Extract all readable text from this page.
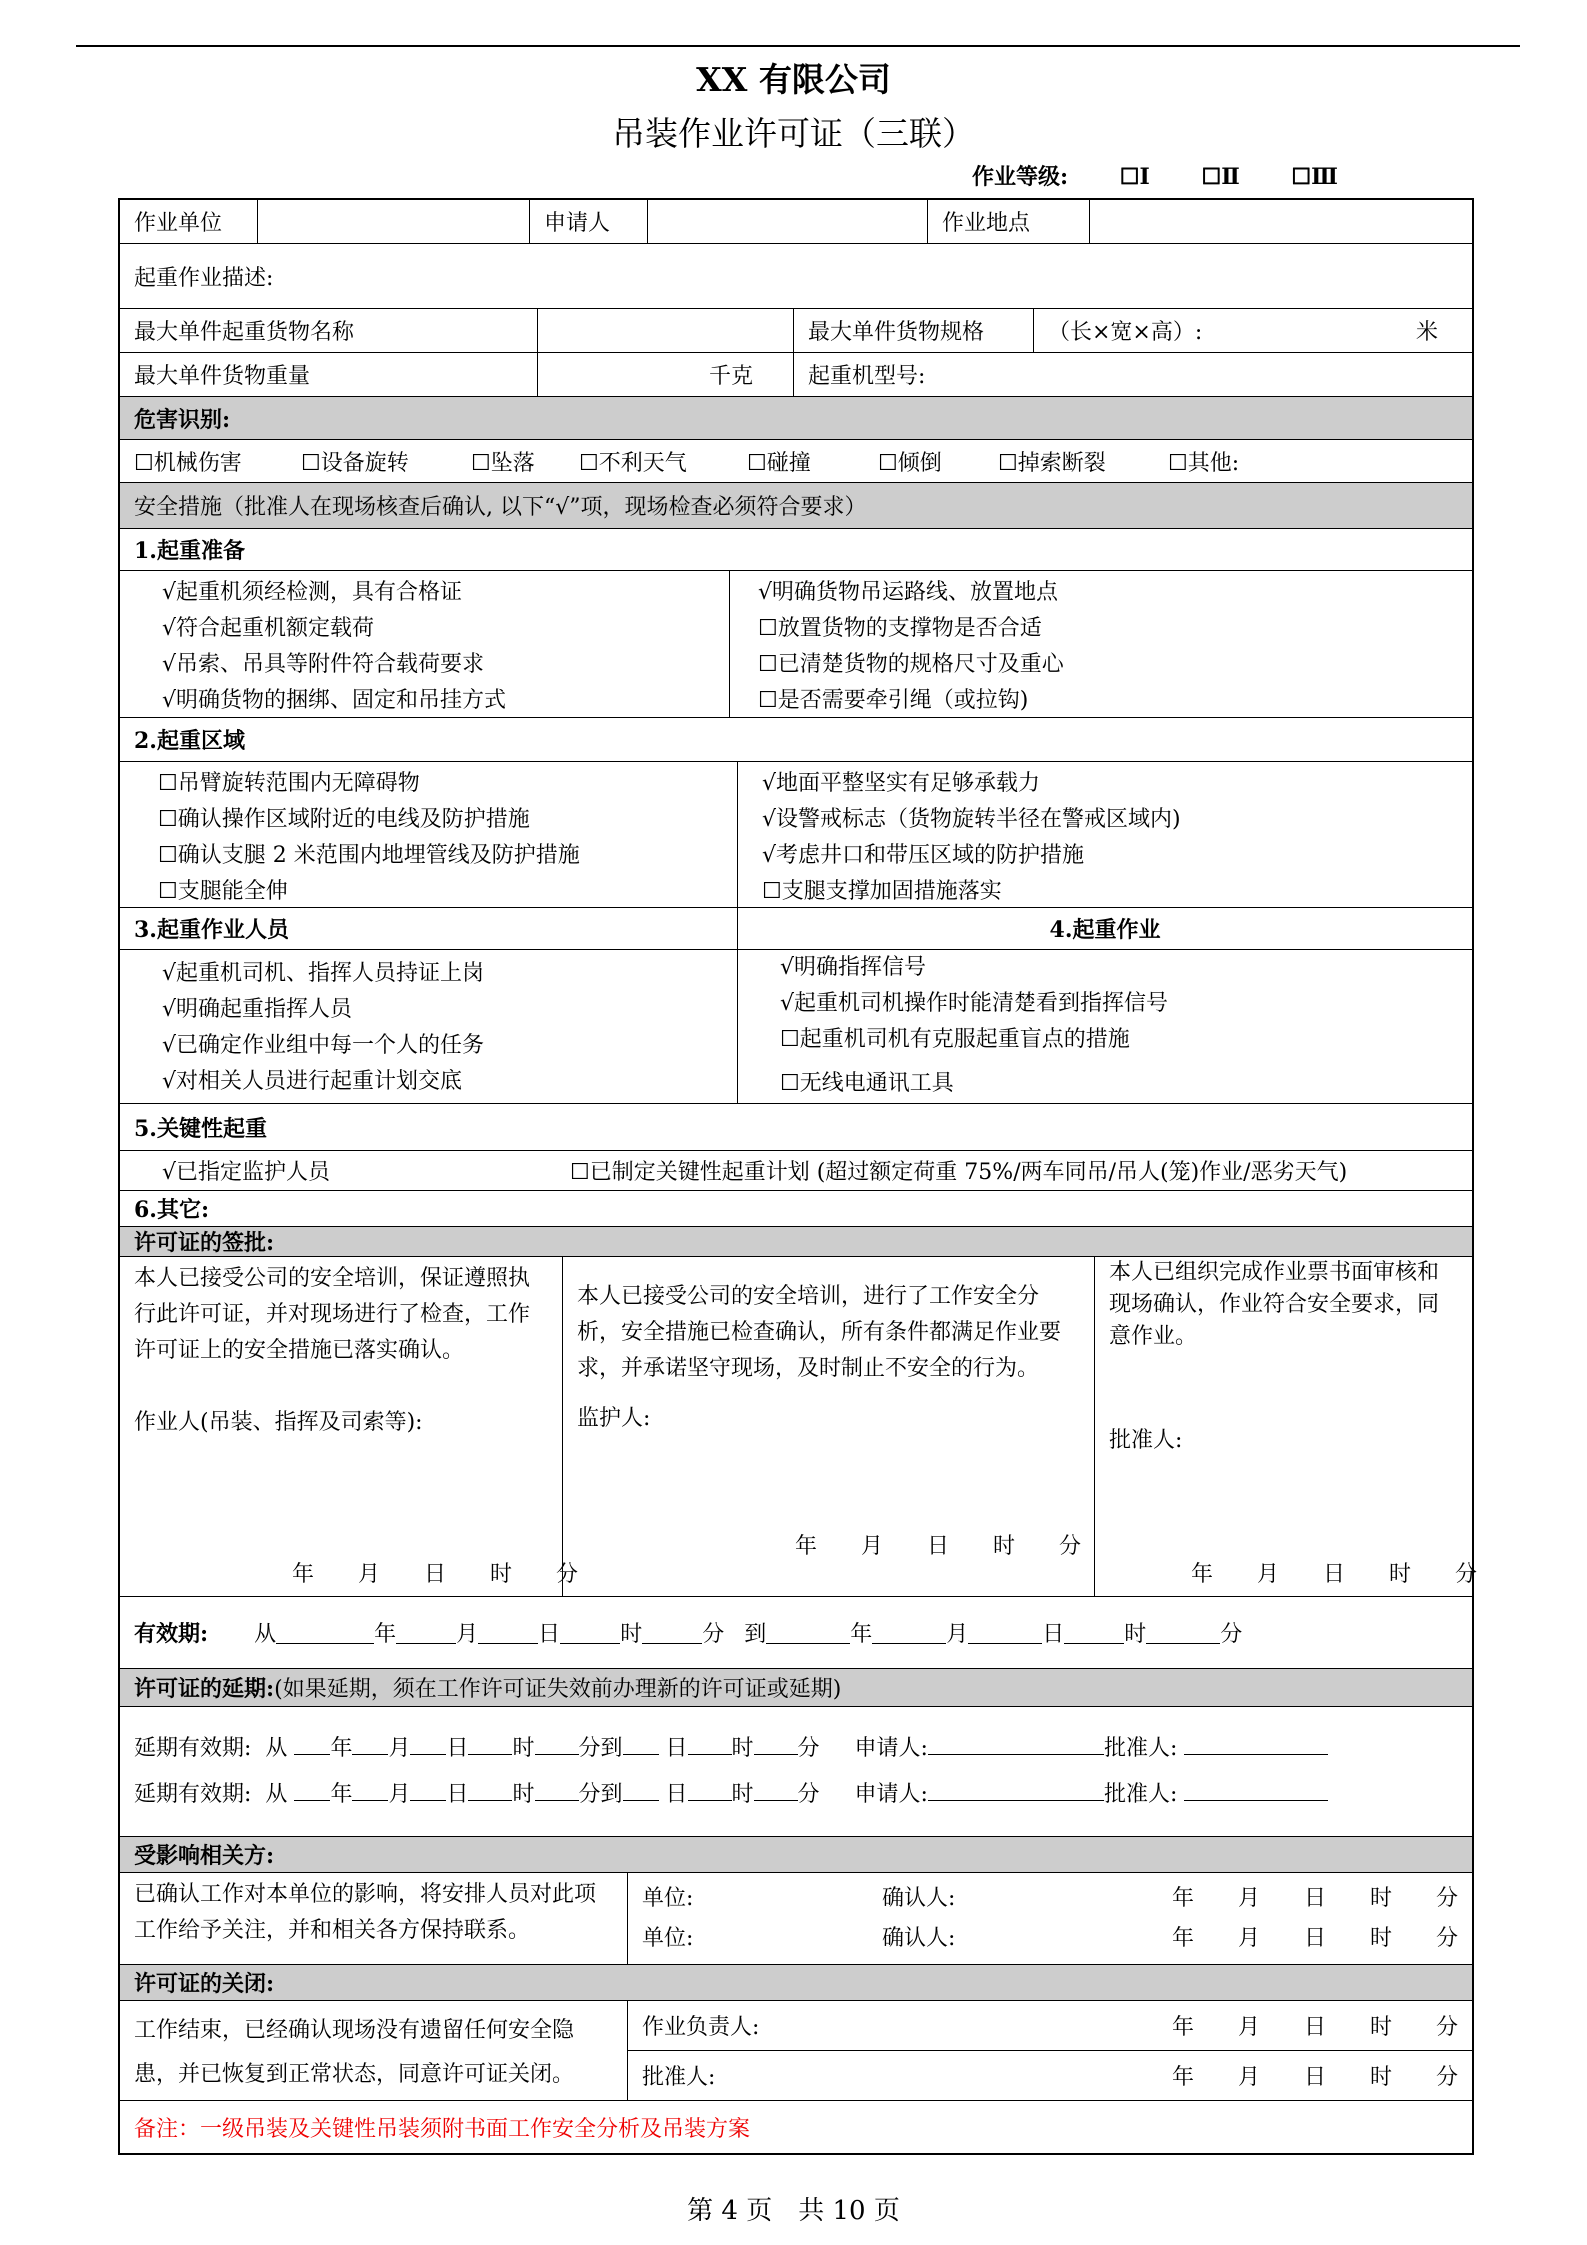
XX 有限公司
吊装作业许可证（三联）
作业等级: ☐Ⅰ ☐Ⅱ ☐Ⅲ
作业单位	申请人	作业地点
起重作业描述:
最大单件起重货物名称	最大单件货物规格	（长×宽×高）:	米
最大单件货物重量	千克	起重机型号:
危害识别:
☐机械伤害	☐设备旋转	☐坠落	☐不利天气	☐碰撞	☐倾倒	☐掉索断裂	☐其他:
安全措施（批准人在现场核查后确认, 以下“√”项，现场检查必须符合要求）
1.起重准备
√起重机须经检测，具有合格证
√符合起重机额定载荷
√吊索、吊具等附件符合载荷要求
√明确货物的捆绑、固定和吊挂方式
√明确货物吊运路线、放置地点
☐放置货物的支撑物是否合适
☐已清楚货物的规格尺寸及重心
☐是否需要牵引绳（或拉钩)
2.起重区域
☐吊臂旋转范围内无障碍物
☐确认操作区域附近的电线及防护措施
☐确认支腿 2 米范围内地埋管线及防护措施
☐支腿能全伸
√地面平整坚实有足够承载力
√设警戒标志（货物旋转半径在警戒区域内)
√考虑井口和带压区域的防护措施
☐支腿支撑加固措施落实
3.起重作业人员	4.起重作业
√起重机司机、指挥人员持证上岗
√明确起重指挥人员
√已确定作业组中每一个人的任务
√对相关人员进行起重计划交底
√明确指挥信号
√起重机司机操作时能清楚看到指挥信号
☐起重机司机有克服起重盲点的措施
☐无线电通讯工具
5.关键性起重
√已指定监护人员	☐已制定关键性起重计划 (超过额定荷重 75%/两车同吊/吊人(笼)作业/恶劣天气)
6.其它:
许可证的签批:
本人已接受公司的安全培训，保证遵照执行此许可证，并对现场进行了检查，工作许可证上的安全措施已落实确认。
作业人(吊装、指挥及司索等):
年　　月　　日　　时　　分
本人已接受公司的安全培训，进行了工作安全分析，安全措施已检查确认，所有条件都满足作业要求，并承诺坚守现场，及时制止不安全的行为。
监护人:
年　　月　　日　　时　　分
本人已组织完成作业票书面审核和现场确认，作业符合安全要求，同意作业。
批准人:
年　　月　　日　　时　　分
有效期: 从	年	月	日	时	分 到	年	月	日	时	分
许可证的延期: (如果延期，须在工作许可证失效前办理新的许可证或延期)
延期有效期: 从 年 月 日 时 分到 日 时 分 申请人:	批准人:
延期有效期: 从 年 月 日 时 分到 日 时 分 申请人:	批准人:
受影响相关方:
已确认工作对本单位的影响，将安排人员对此项工作给予关注，并和相关各方保持联系。
单位:	确认人:	年　　月　　日　　时　　分
单位:	确认人:	年　　月　　日　　时　　分
许可证的关闭:
工作结束，已经确认现场没有遗留任何安全隐患，并已恢复到正常状态，同意许可证关闭。
作业负责人:	年　　月　　日　　时　　分
批准人:	年　　月　　日　　时　　分
备注：一级吊装及关键性吊装须附书面工作安全分析及吊装方案
第 4 页　共 10 页
